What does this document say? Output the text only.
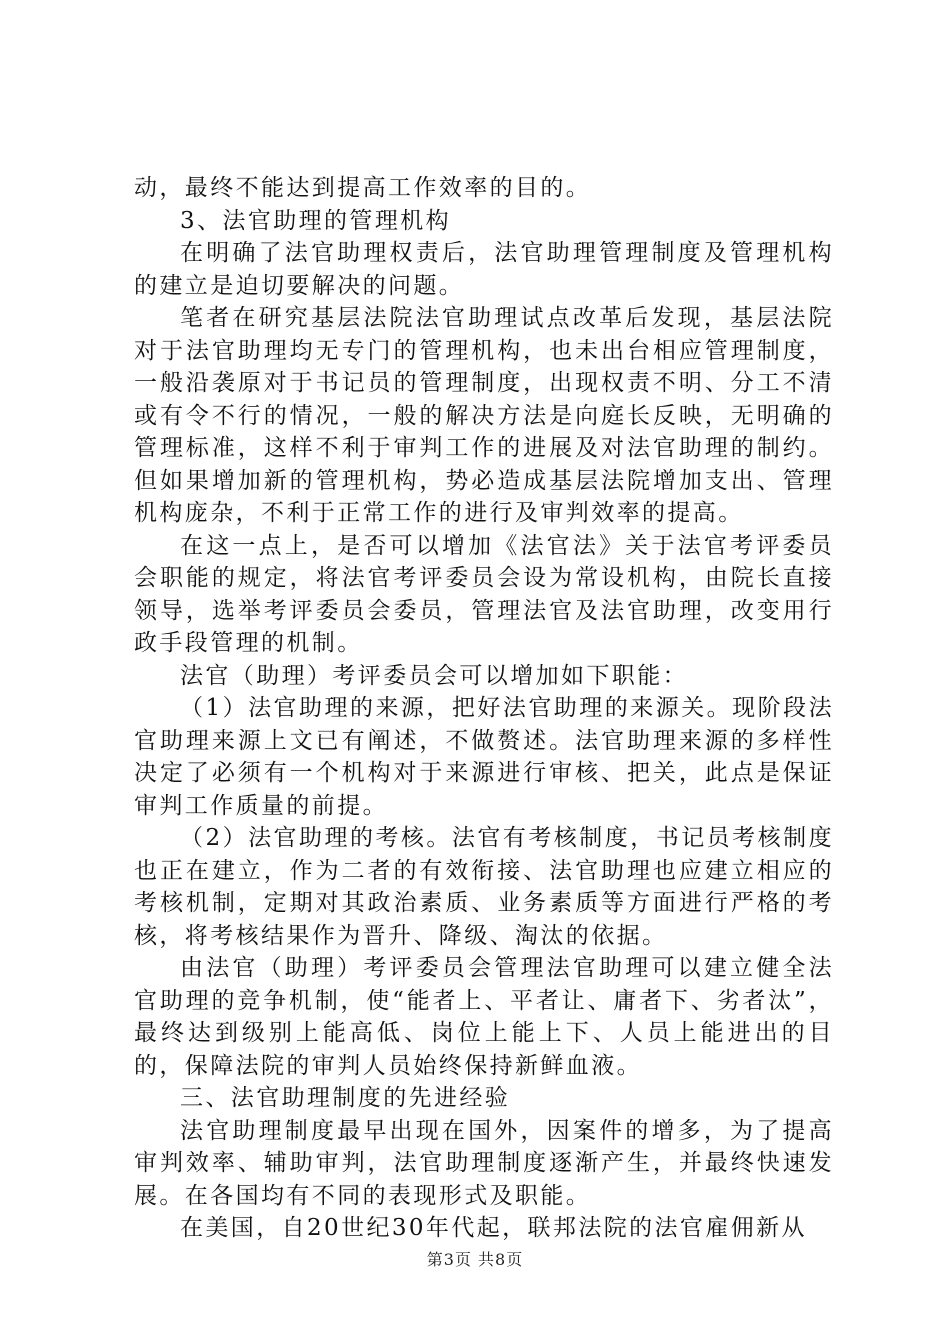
动，最终不能达到提高工作效率的目的。

3、法官助理的管理机构

在明确了法官助理权责后，法官助理管理制度及管理机构的建立是迫切要解决的问题。

笔者在研究基层法院法官助理试点改革后发现，基层法院对于法官助理均无专门的管理机构，也未出台相应管理制度，一般沿袭原对于书记员的管理制度，出现权责不明、分工不清或有令不行的情况，一般的解决方法是向庭长反映，无明确的管理标准，这样不利于审判工作的进展及对法官助理的制约。但如果增加新的管理机构，势必造成基层法院增加支出、管理机构庞杂，不利于正常工作的进行及审判效率的提高。

在这一点上，是否可以增加《法官法》关于法官考评委员会职能的规定，将法官考评委员会设为常设机构，由院长直接领导，选举考评委员会委员，管理法官及法官助理，改变用行政手段管理的机制。

法官（助理）考评委员会可以增加如下职能：

（1）法官助理的来源，把好法官助理的来源关。现阶段法官助理来源上文已有阐述，不做赘述。法官助理来源的多样性决定了必须有一个机构对于来源进行审核、把关，此点是保证审判工作质量的前提。

（2）法官助理的考核。法官有考核制度，书记员考核制度也正在建立，作为二者的有效衔接、法官助理也应建立相应的考核机制，定期对其政治素质、业务素质等方面进行严格的考核，将考核结果作为晋升、降级、淘汰的依据。

由法官（助理）考评委员会管理法官助理可以建立健全法官助理的竞争机制，使“能者上、平者让、庸者下、劣者汰”，最终达到级别上能高低、岗位上能上下、人员上能进出的目的，保障法院的审判人员始终保持新鲜血液。

三、法官助理制度的先进经验

法官助理制度最早出现在国外，因案件的增多，为了提高审判效率、辅助审判，法官助理制度逐渐产生，并最终快速发展。在各国均有不同的表现形式及职能。

在美国，自20世纪30年代起，联邦法院的法官雇佣新从

第3页 共8页
